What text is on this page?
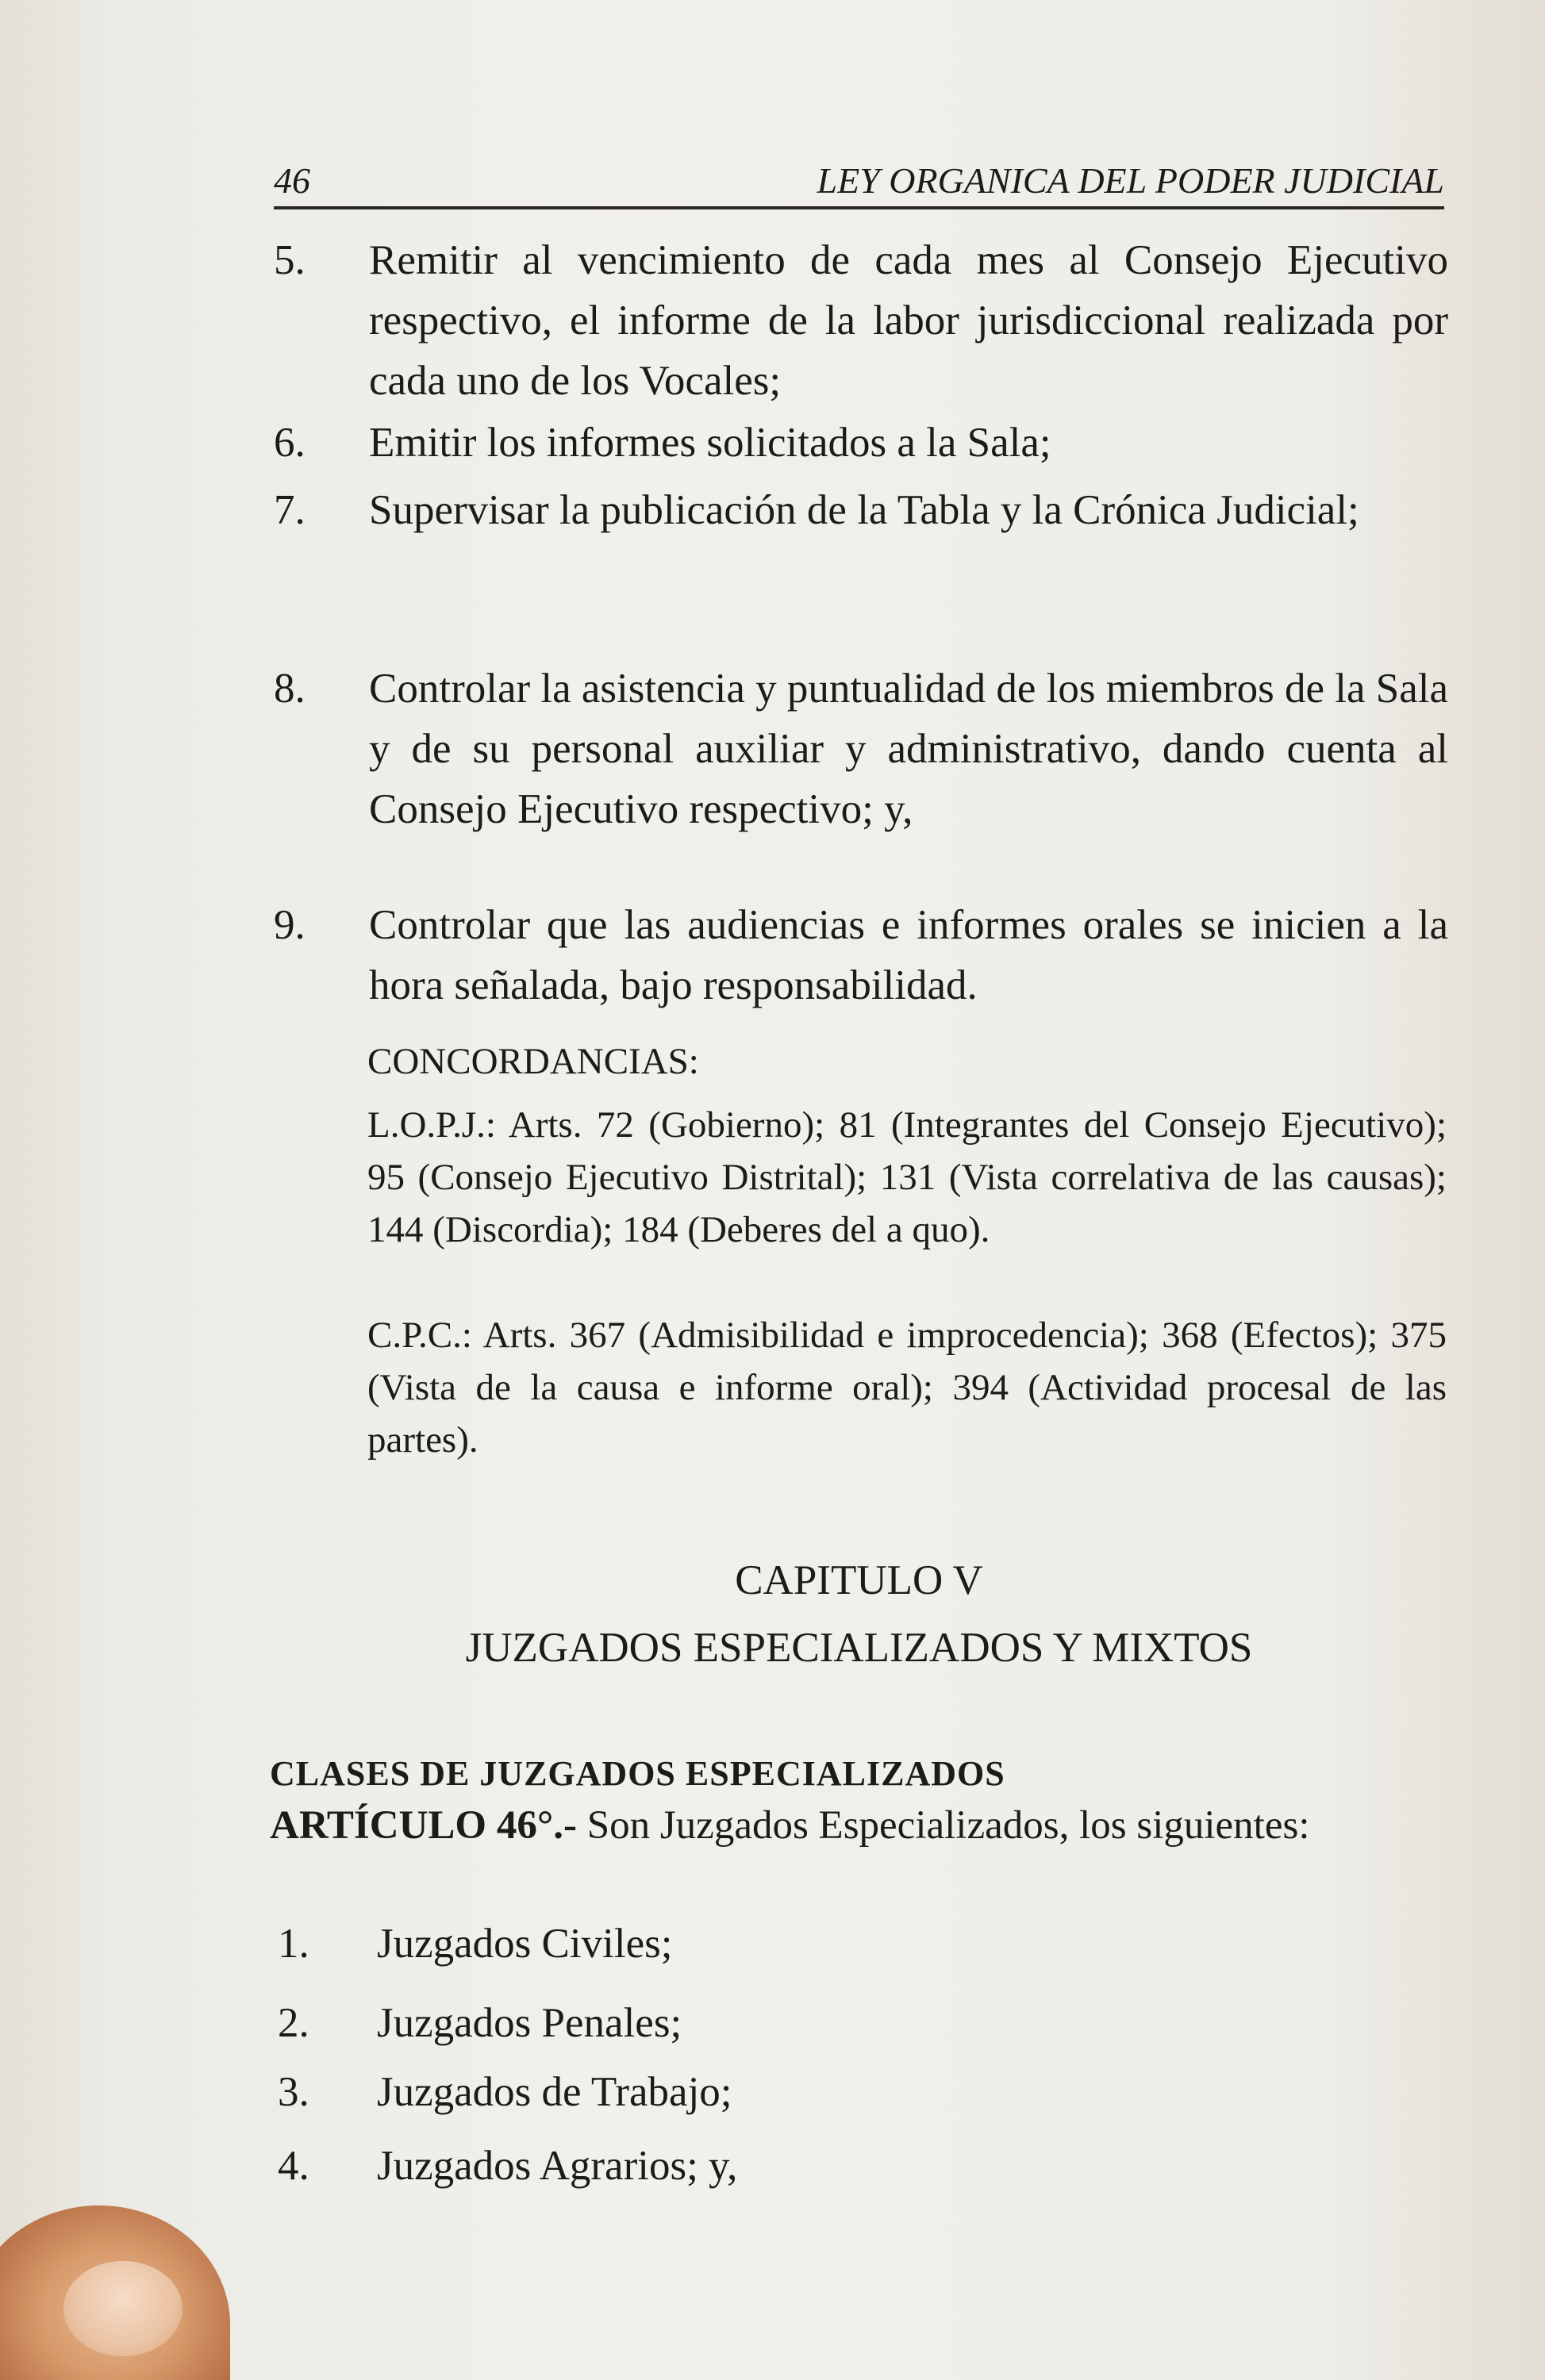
46	LEY ORGANICA DEL PODER JUDICIAL
5. Remitir al vencimiento de cada mes al Consejo Ejecutivo respectivo, el informe de la labor jurisdiccional realizada por cada uno de los Vocales;
6. Emitir los informes solicitados a la Sala;
7. Supervisar la publicación de la Tabla y la Crónica Judicial;
8. Controlar la asistencia y puntualidad de los miembros de la Sala y de su personal auxiliar y administrativo, dando cuenta al Consejo Ejecutivo respectivo; y,
9. Controlar que las audiencias e informes orales se inicien a la hora señalada, bajo responsabilidad.
CONCORDANCIAS:
L.O.P.J.: Arts. 72 (Gobierno); 81 (Integrantes del Consejo Ejecutivo); 95 (Consejo Ejecutivo Distrital); 131 (Vista correlativa de las causas); 144 (Discordia); 184 (Deberes del a quo).
C.P.C.: Arts. 367 (Admisibilidad e improcedencia); 368 (Efectos); 375 (Vista de la causa e informe oral); 394 (Actividad procesal de las partes).
CAPITULO V
JUZGADOS ESPECIALIZADOS Y MIXTOS
CLASES DE JUZGADOS ESPECIALIZADOS
ARTÍCULO 46°.- Son Juzgados Especializados, los siguientes:
1. Juzgados Civiles;
2. Juzgados Penales;
3. Juzgados de Trabajo;
4. Juzgados Agrarios; y,
